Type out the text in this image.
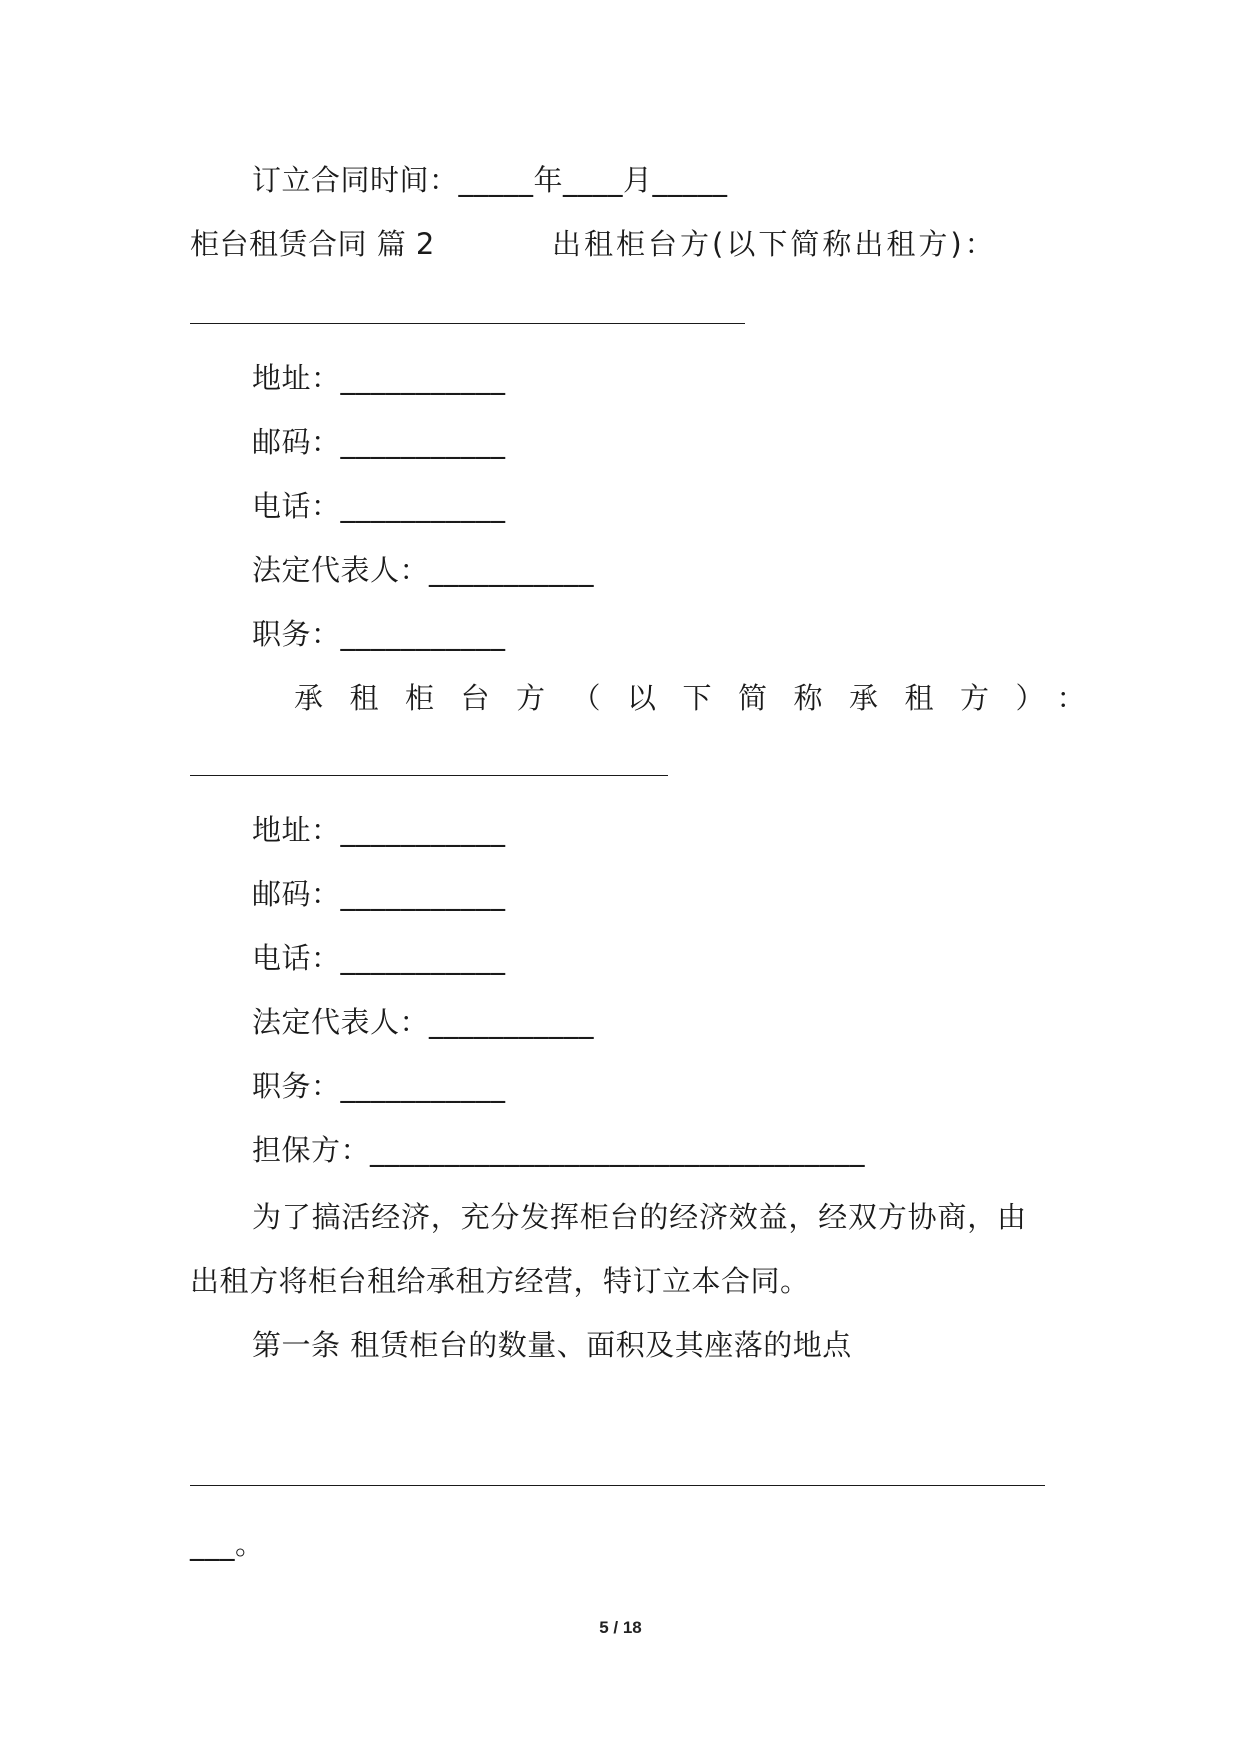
订立合同时间：_____年____月_____
柜台租赁合同 篇 2	出租柜台方(以下简称出租方)：
地址：___________
邮码：___________
电话：___________
法定代表人：___________
职务：___________
承租柜台方（以下简称承租方）：
地址：___________
邮码：___________
电话：___________
法定代表人：___________
职务：___________
担保方：_________________________________
为了搞活经济，充分发挥柜台的经济效益，经双方协商，由
出租方将柜台租给承租方经营，特订立本合同。
第一条 租赁柜台的数量、面积及其座落的地点
___。
5 / 18
